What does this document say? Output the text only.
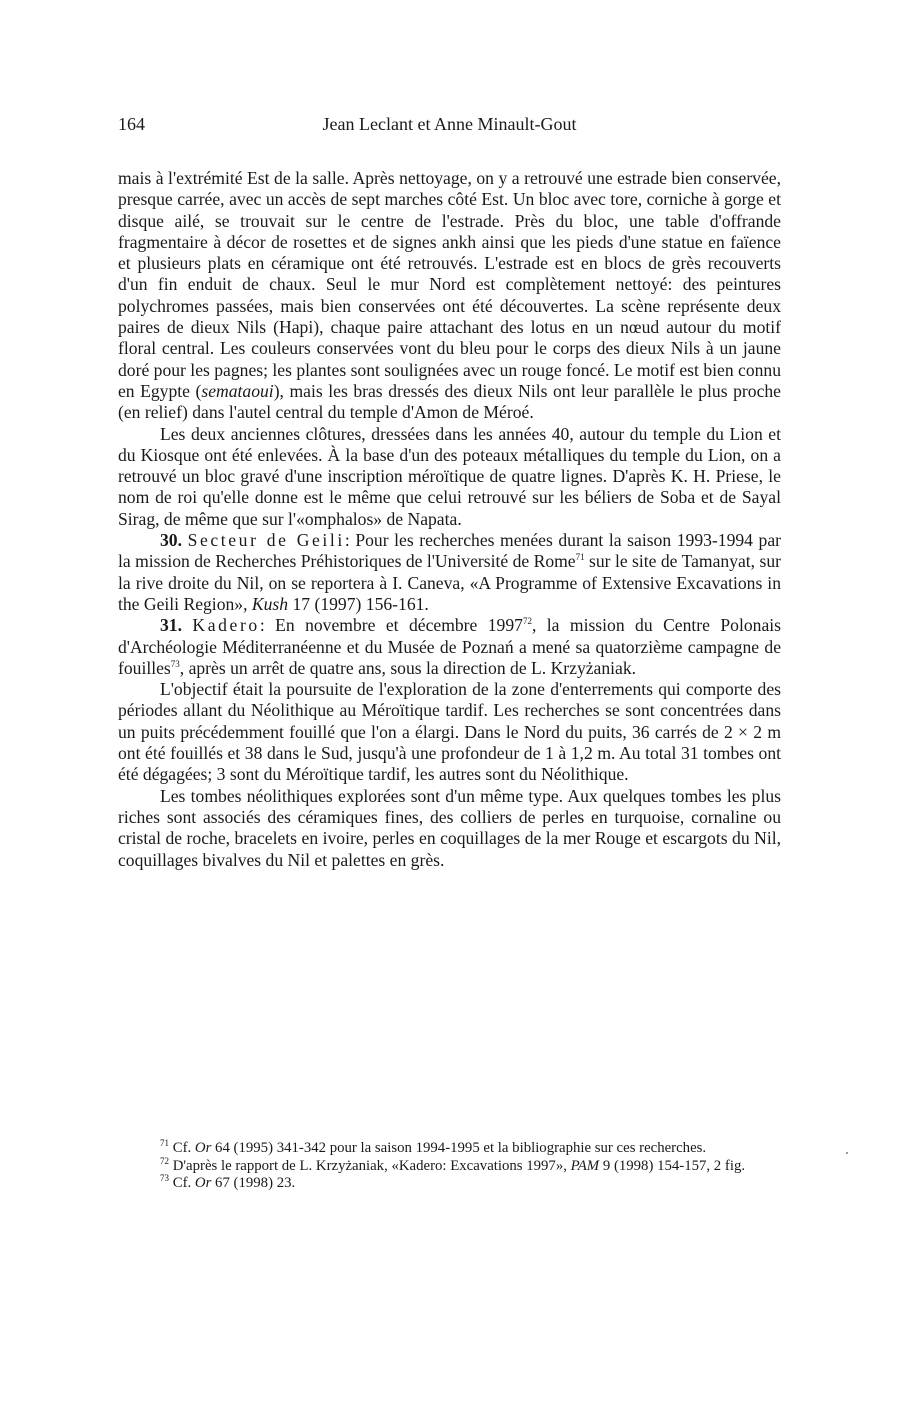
164	Jean Leclant et Anne Minault-Gout

mais à l'extrémité Est de la salle. Après nettoyage, on y a retrouvé une estrade bien conservée, presque carrée, avec un accès de sept marches côté Est. Un bloc avec tore, corniche à gorge et disque ailé, se trouvait sur le centre de l'estrade. Près du bloc, une table d'offrande fragmentaire à décor de rosettes et de signes ankh ainsi que les pieds d'une statue en faïence et plusieurs plats en céramique ont été retrouvés. L'estrade est en blocs de grès recouverts d'un fin enduit de chaux. Seul le mur Nord est complètement nettoyé: des peintures polychromes passées, mais bien conservées ont été découvertes. La scène représente deux paires de dieux Nils (Hapi), chaque paire attachant des lotus en un nœud autour du motif floral central. Les couleurs conservées vont du bleu pour le corps des dieux Nils à un jaune doré pour les pagnes; les plantes sont soulignées avec un rouge foncé. Le motif est bien connu en Egypte (semataoui), mais les bras dressés des dieux Nils ont leur parallèle le plus proche (en relief) dans l'autel central du temple d'Amon de Méroé.

Les deux anciennes clôtures, dressées dans les années 40, autour du temple du Lion et du Kiosque ont été enlevées. À la base d'un des poteaux métalliques du temple du Lion, on a retrouvé un bloc gravé d'une inscription méroïtique de quatre lignes. D'après K. H. Priese, le nom de roi qu'elle donne est le même que celui retrouvé sur les béliers de Soba et de Sayal Sirag, de même que sur l'«omphalos» de Napata.

30. Secteur de Geili: Pour les recherches menées durant la saison 1993-1994 par la mission de Recherches Préhistoriques de l'Université de Rome$^{71}$ sur le site de Tamanyat, sur la rive droite du Nil, on se reportera à I. Caneva, «A Programme of Extensive Excavations in the Geili Region», Kush 17 (1997) 156-161.

31. Kadero: En novembre et décembre 1997$^{72}$, la mission du Centre Polonais d'Archéologie Méditerranéenne et du Musée de Poznań a mené sa quatorzième campagne de fouilles$^{73}$, après un arrêt de quatre ans, sous la direction de L. Krzyżaniak.

L'objectif était la poursuite de l'exploration de la zone d'enterrements qui comporte des périodes allant du Néolithique au Méroïtique tardif. Les recherches se sont concentrées dans un puits précédemment fouillé que l'on a élargi. Dans le Nord du puits, 36 carrés de 2 × 2 m ont été fouillés et 38 dans le Sud, jusqu'à une profondeur de 1 à 1,2 m. Au total 31 tombes ont été dégagées; 3 sont du Méroïtique tardif, les autres sont du Néolithique.

Les tombes néolithiques explorées sont d'un même type. Aux quelques tombes les plus riches sont associés des céramiques fines, des colliers de perles en turquoise, cornaline ou cristal de roche, bracelets en ivoire, perles en coquillages de la mer Rouge et escargots du Nil, coquillages bivalves du Nil et palettes en grès.

$^{71}$ Cf. Or 64 (1995) 341-342 pour la saison 1994-1995 et la bibliographie sur ces recherches.

$^{72}$ D'après le rapport de L. Krzyżaniak, «Kadero: Excavations 1997», PAM 9 (1998) 154-157, 2 fig.

$^{73}$ Cf. Or 67 (1998) 23.
